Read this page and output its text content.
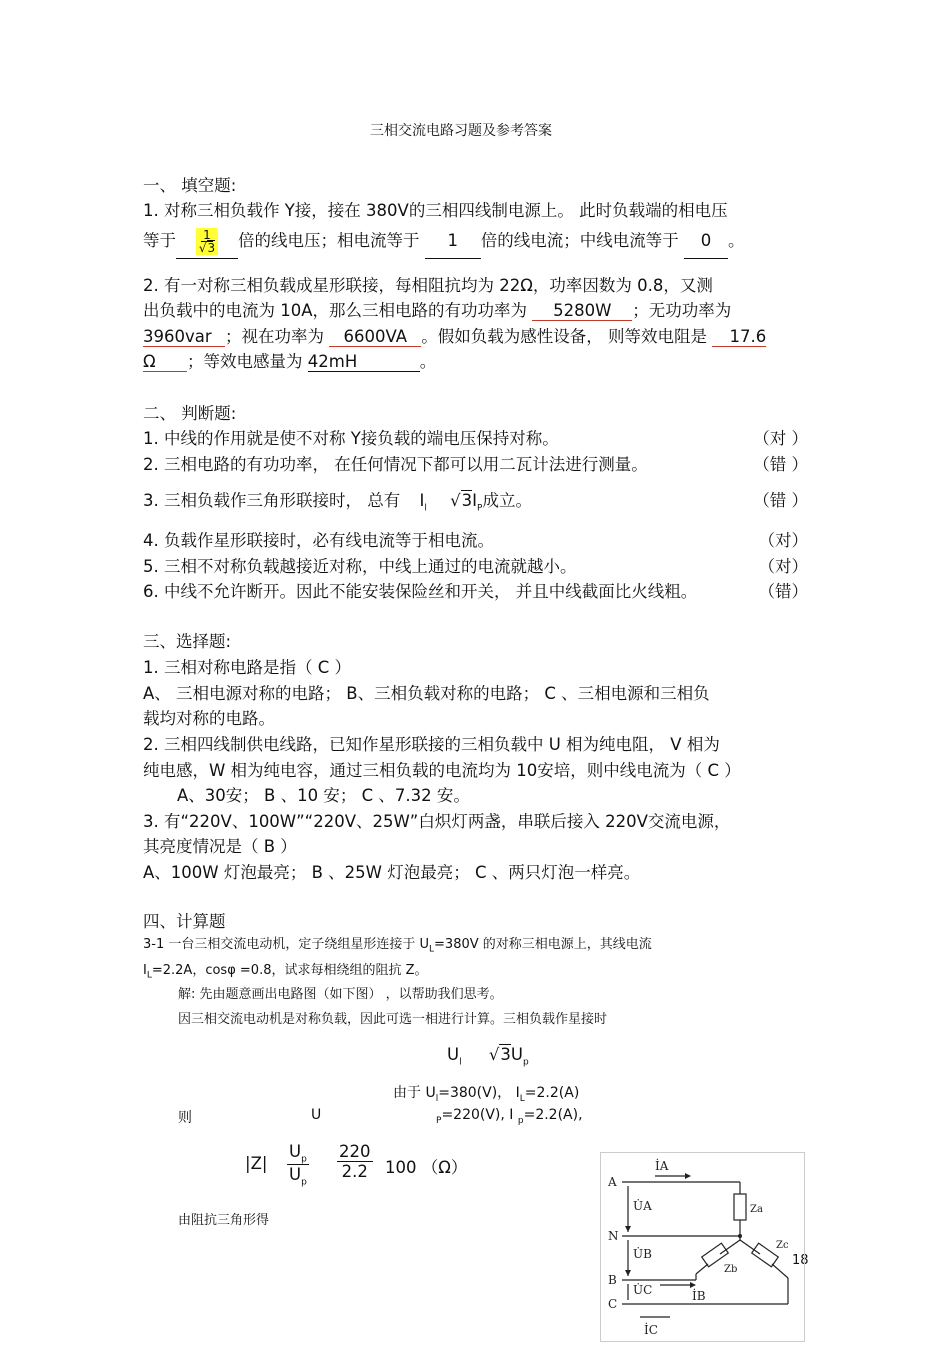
三相交流电路习题及参考答案
一、 填空题:
1. 对称三相负载作 Y接，接在 380V的三相四线制电源上。 此时负载端的相电压
等于 $\frac{1}{√3}$ 倍的线电压；相电流等于 1 倍的线电流；中线电流等于 0 。
2. 有一对称三相负载成星形联接，每相阻抗均为 22Ω，功率因数为 0.8，又测
出负载中的电流为 10A，那么三相电路的有功功率为 5280W ；无功功率为
3960var ；视在功率为 6600VA 。假如负载为感性设备， 则等效电阻是 17.6
Ω ；等效电感量为 42mH	。
二、 判断题:
1. 中线的作用就是使不对称 Y接负载的端电压保持对称。	（对 ）
2. 三相电路的有功功率， 在任何情况下都可以用二瓦计法进行测量。	（错 ）
3. 三相负载作三角形联接时， 总有 $I_l$ $√3I_P$成立。	（错 ）
4. 负载作星形联接时，必有线电流等于相电流。	（对）
5. 三相不对称负载越接近对称，中线上通过的电流就越小。	（对）
6. 中线不允许断开。因此不能安装保险丝和开关， 并且中线截面比火线粗。	（错）
三、选择题:
1. 三相对称电路是指（ C ）
A、 三相电源对称的电路； B、三相负载对称的电路； C 、三相电源和三相负
载均对称的电路。
2. 三相四线制供电线路，已知作星形联接的三相负载中 U 相为纯电阻， V 相为
纯电感，W 相为纯电容，通过三相负载的电流均为 10安培，则中线电流为（ C ）
A、30安； B 、10 安； C 、7.32 安。
3. 有“220V、100W”“220V、25W”白炽灯两盏，串联后接入 220V交流电源，
其亮度情况是（ B ）
A、100W 灯泡最亮； B 、25W 灯泡最亮； C 、两只灯泡一样亮。
四、计算题
3-1 一台三相交流电动机，定子绕组星形连接于 $U_L=380V$ 的对称三相电源上，其线电流
$I_L=2.2A$，cosφ =0.8，试求每相绕组的阻抗 Z。
解: 先由题意画出电路图（如下图） ，以帮助我们思考。
因三相交流电动机是对称负载，因此可选一相进行计算。三相负载作星接时
$U_l$ $√3U_p$
由于 $U_l=380(V)$， $I_L=2.2(A)$
则	U	$_P$=220(V), I $_p$=2.2(A),
$|Z| \frac{U_p}{U_p} \frac{220}{2.2} 100$ （Ω）
由阻抗三角形得
18
A
N
B
C
İA
İB
İC
U̇A
U̇B
U̇C
Za
Zb
Zc
